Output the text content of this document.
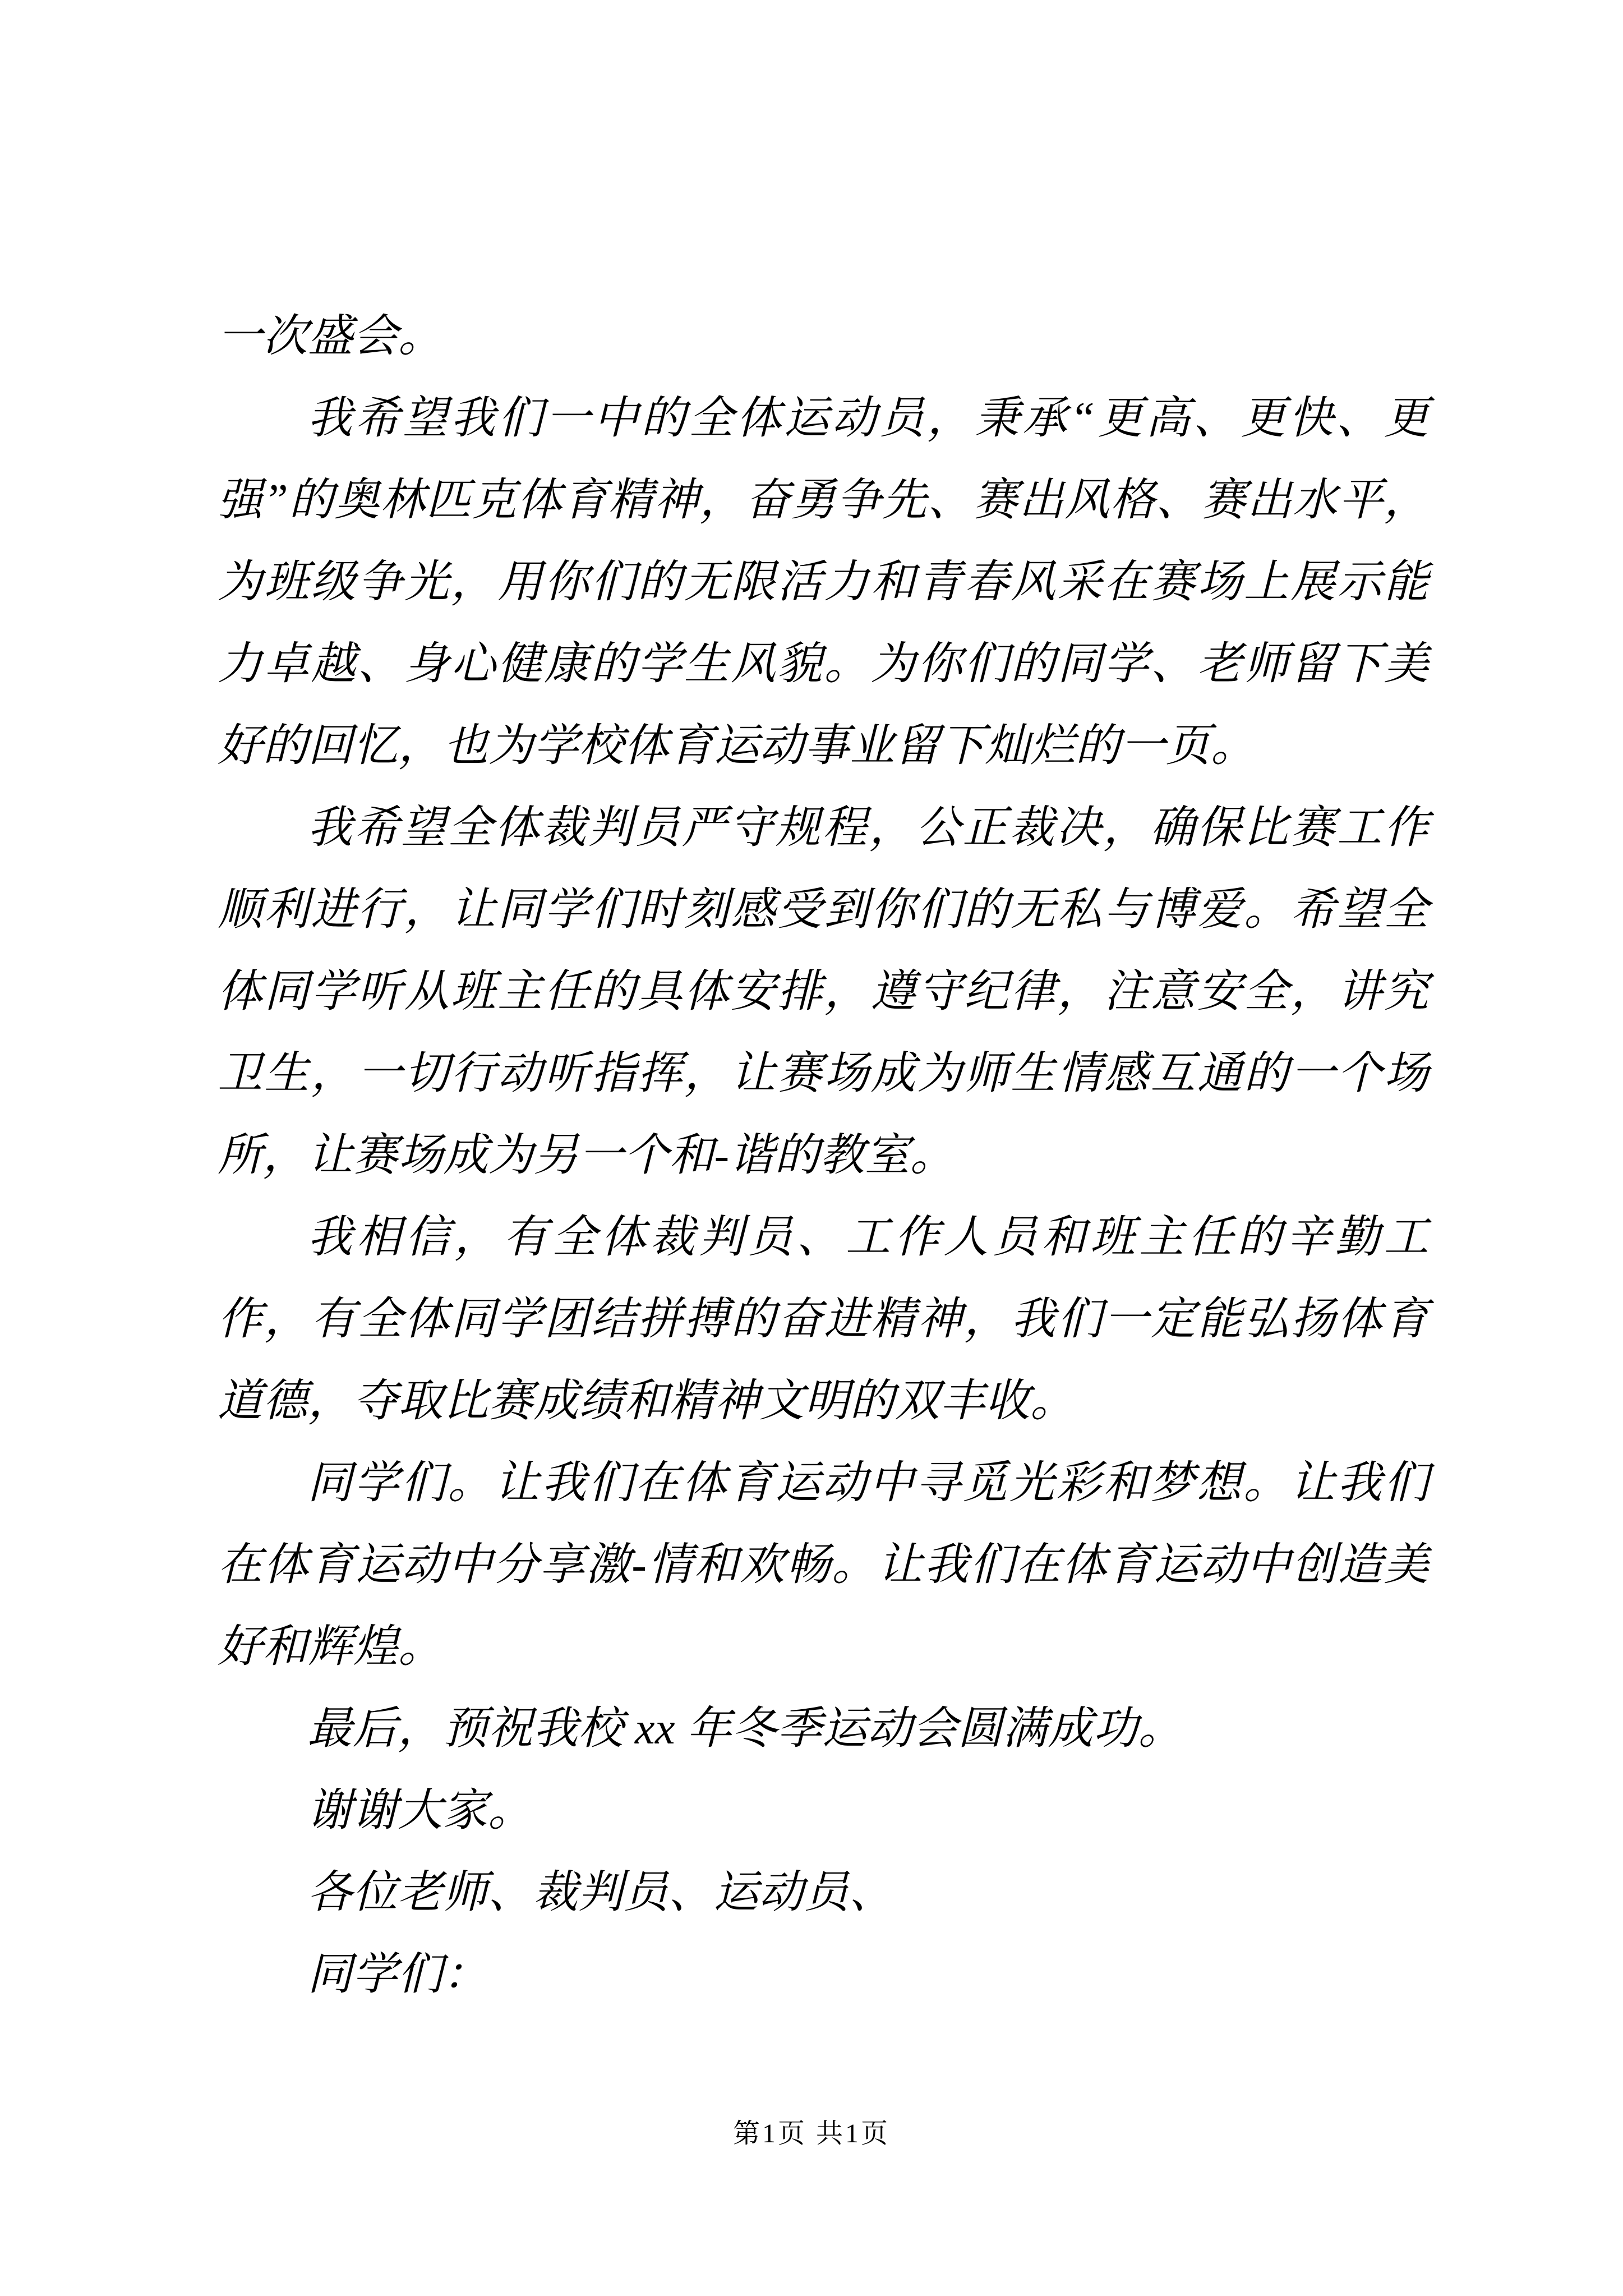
一次盛会。

我希望我们一中的全体运动员，秉承“更高、更快、更强”的奥林匹克体育精神，奋勇争先、赛出风格、赛出水平，为班级争光，用你们的无限活力和青春风采在赛场上展示能力卓越、身心健康的学生风貌。为你们的同学、老师留下美好的回忆，也为学校体育运动事业留下灿烂的一页。

我希望全体裁判员严守规程，公正裁决，确保比赛工作顺利进行，让同学们时刻感受到你们的无私与博爱。希望全体同学听从班主任的具体安排，遵守纪律，注意安全，讲究卫生，一切行动听指挥，让赛场成为师生情感互通的一个场所，让赛场成为另一个和-谐的教室。

我相信，有全体裁判员、工作人员和班主任的辛勤工作，有全体同学团结拼搏的奋进精神，我们一定能弘扬体育道德，夺取比赛成绩和精神文明的双丰收。

同学们。让我们在体育运动中寻觅光彩和梦想。让我们在体育运动中分享激-情和欢畅。让我们在体育运动中创造美好和辉煌。

最后，预祝我校 xx 年冬季运动会圆满成功。

谢谢大家。

各位老师、裁判员、运动员、

同学们：

第1页 共1页
